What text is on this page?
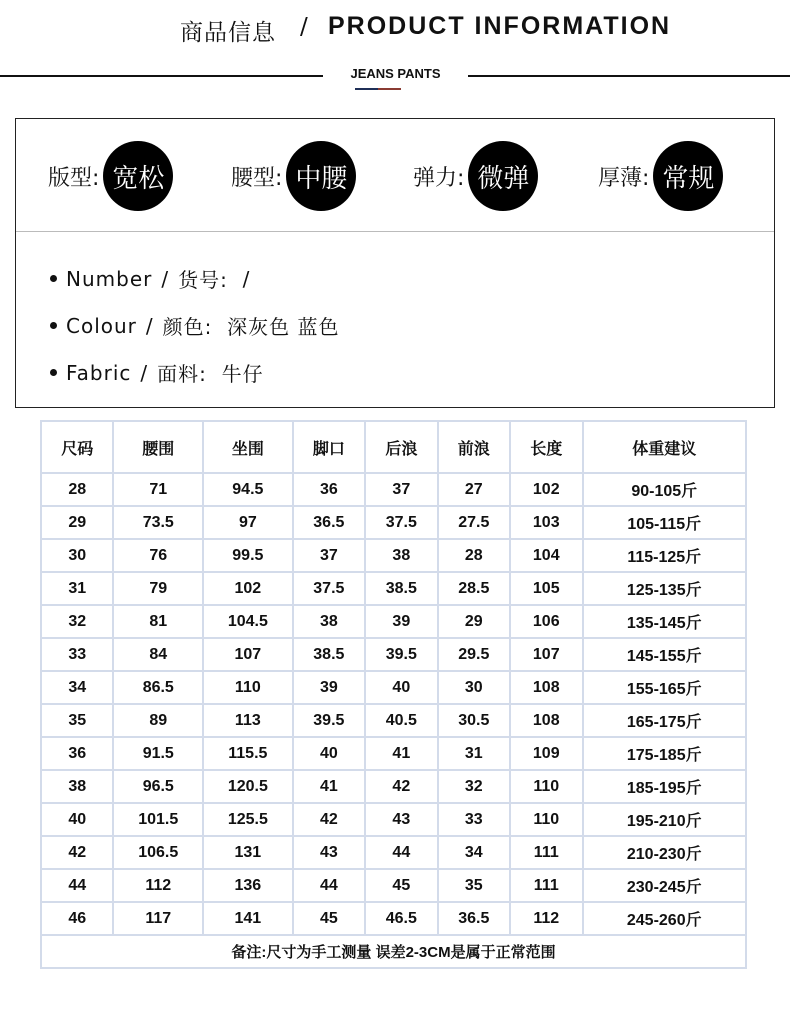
商品信息 / PRODUCT INFORMATION
JEANS PANTS
版型: 宽松	腰型: 中腰	弹力: 微弹	厚薄: 常规
Number / 货号:
/
Colour / 颜色:
深灰色 蓝色
Fabric / 面料:
牛仔
尺码	腰围	坐围	脚口	后浪	前浪	长度	体重建议
28	71	94.5	36	37	27	102	90-105斤
29	73.5	97	36.5	37.5	27.5	103	105-115斤
30	76	99.5	37	38	28	104	115-125斤
31	79	102	37.5	38.5	28.5	105	125-135斤
32	81	104.5	38	39	29	106	135-145斤
33	84	107	38.5	39.5	29.5	107	145-155斤
34	86.5	110	39	40	30	108	155-165斤
35	89	113	39.5	40.5	30.5	108	165-175斤
36	91.5	115.5	40	41	31	109	175-185斤
38	96.5	120.5	41	42	32	110	185-195斤
40	101.5	125.5	42	43	33	110	195-210斤
42	106.5	131	43	44	34	111	210-230斤
44	112	136	44	45	35	111	230-245斤
46	117	141	45	46.5	36.5	112	245-260斤
备注:尺寸为手工测量 误差2-3CM是属于正常范围							
